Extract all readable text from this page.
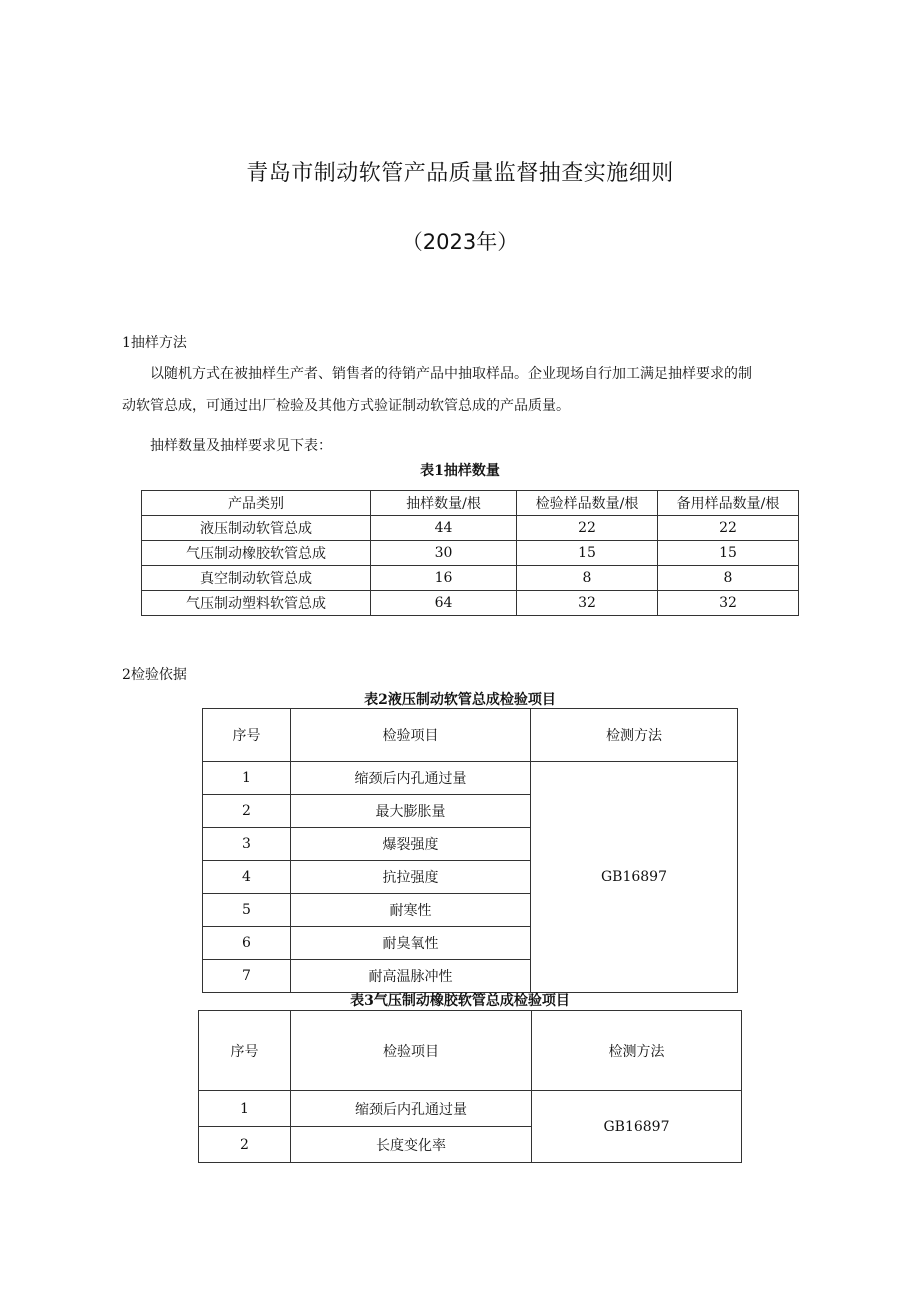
青岛市制动软管产品质量监督抽查实施细则
（2023年）
1抽样方法
以随机方式在被抽样生产者、销售者的待销产品中抽取样品。企业现场自行加工满足抽样要求的制
动软管总成，可通过出厂检验及其他方式验证制动软管总成的产品质量。
抽样数量及抽样要求见下表：
表1抽样数量
产品类别	抽样数量/根	检验样品数量/根	备用样品数量/根
液压制动软管总成	44	22	22
气压制动橡胶软管总成	30	15	15
真空制动软管总成	16	8	8
气压制动塑料软管总成	64	32	32
2检验依据
表2液压制动软管总成检验项目
序号	检验项目	检测方法
1	缩颈后内孔通过量	GB16897
2	最大膨胀量	
3	爆裂强度	
4	抗拉强度	
5	耐寒性	
6	耐臭氧性	
7	耐高温脉冲性	
表3气压制动橡胶软管总成检验项目
序号	检验项目	检测方法
1	缩颈后内孔通过量	GB16897
2	长度变化率	
